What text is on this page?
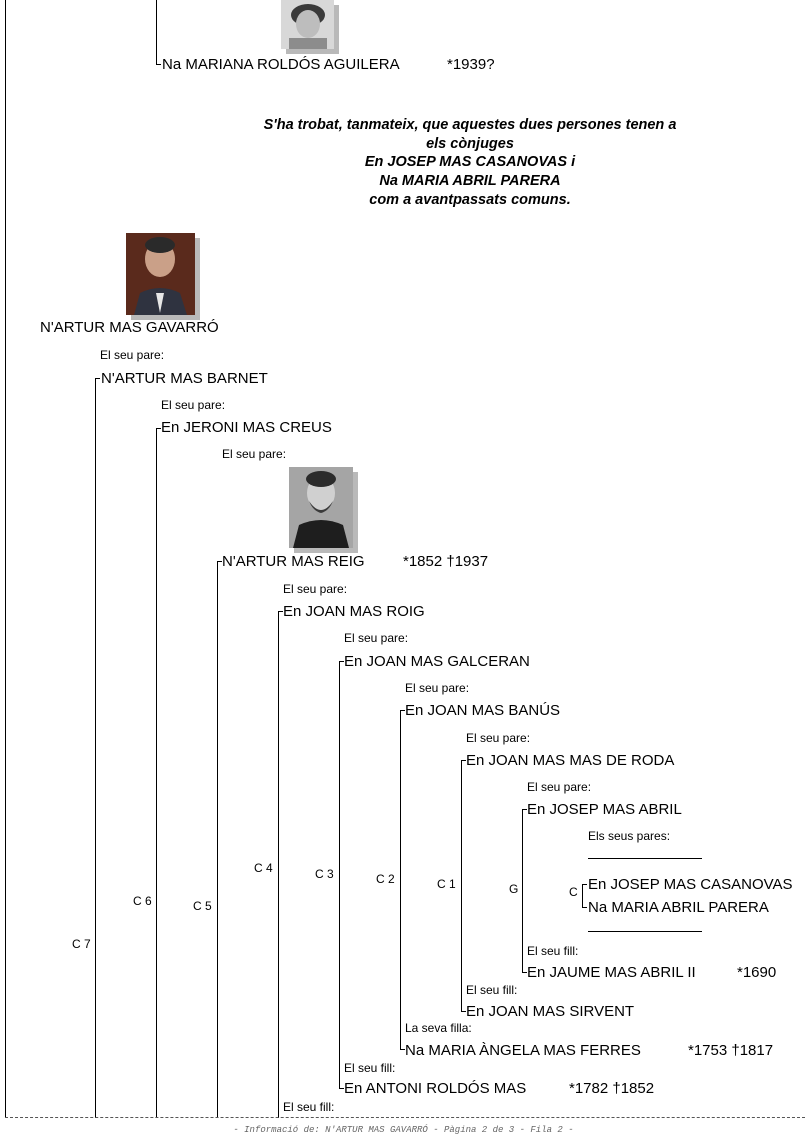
Na MARIANA ROLDÓS AGUILERA	*1939?
S'ha trobat, tanmateix, que aquestes dues persones tenen a
els cònjuges
En JOSEP MAS CASANOVAS i
Na MARIA ABRIL PARERA
com a avantpassats comuns.
N'ARTUR MAS GAVARRÓ
El seu pare:
N'ARTUR MAS BARNET
C 7
El seu pare:
En JERONI MAS CREUS
C 6
El seu pare:
N'ARTUR MAS REIG	*1852 †1937
C 5
El seu pare:
En JOAN MAS ROIG
C 4
El seu pare:
En JOAN MAS GALCERAN
C 3
El seu pare:
En JOAN MAS BANÚS
C 2
El seu pare:
En JOAN MAS MAS DE RODA
C 1
El seu pare:
En JOSEP MAS ABRIL
G
Els seus pares:
C En JOSEP MAS CASANOVAS
Na MARIA ABRIL PARERA
El seu fill:
En JAUME MAS ABRIL II	*1690
El seu fill:
En JOAN MAS SIRVENT
La seva filla:
Na MARIA ÀNGELA MAS FERRES	*1753 †1817
El seu fill:
En ANTONI ROLDÓS MAS	*1782 †1852
El seu fill:
- Informació de: N'ARTUR MAS GAVARRÓ - Pàgina 2 de 3 - Fila 2 -
